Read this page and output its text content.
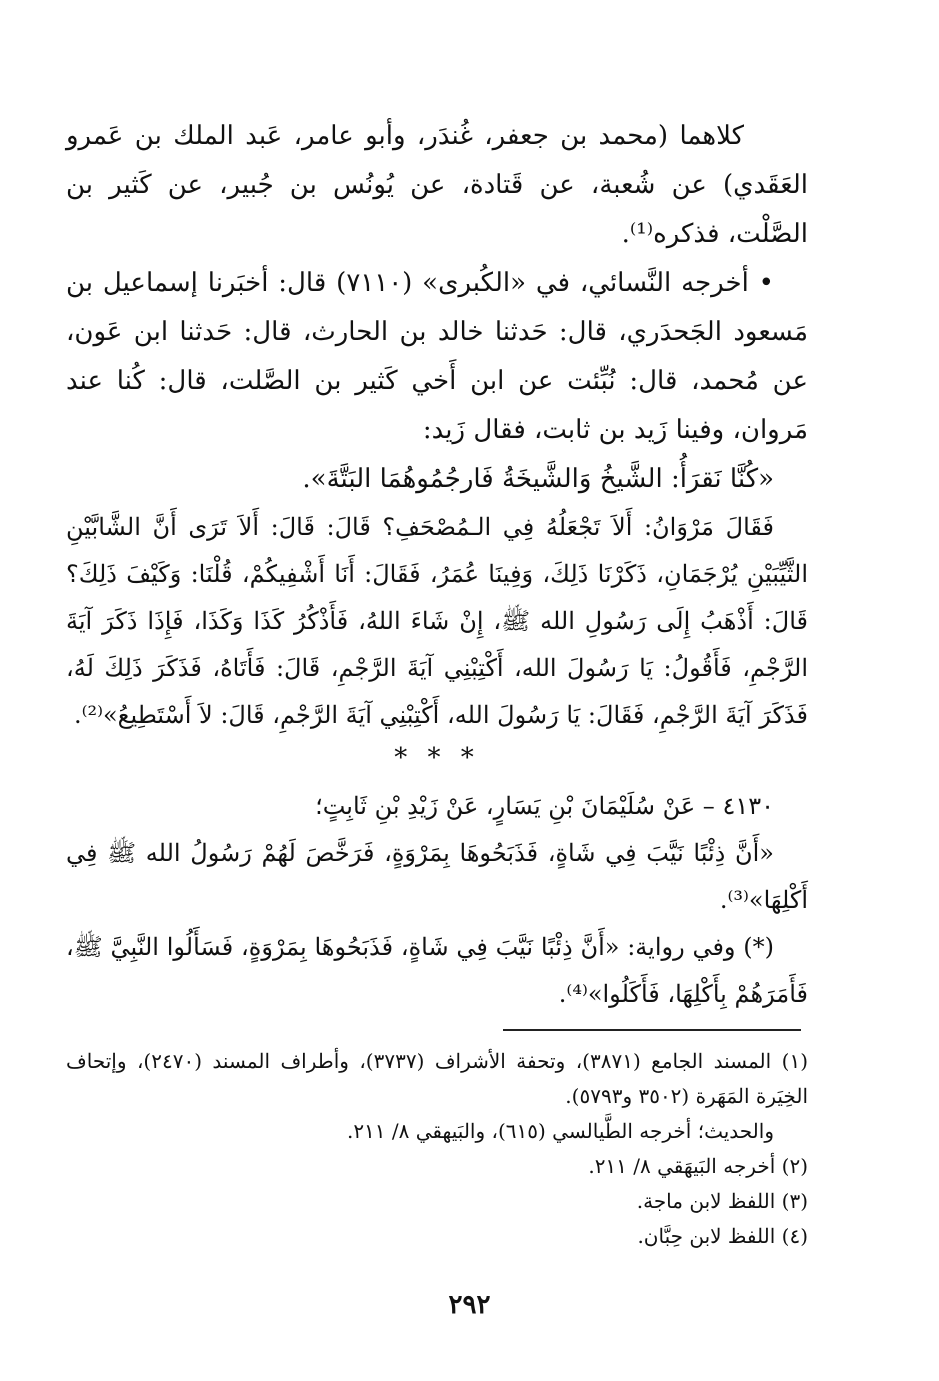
كلاهما (محمد بن جعفر، غُندَر، وأبو عامر، عَبد الملك بن عَمرو العَقَدي) عن شُعبة، عن قَتادة، عن يُونُس بن جُبير، عن كَثير بن الصَّلْت، فذكره⁽¹⁾.

• أخرجه النَّسائي، في «الكُبرى» (٧١١٠) قال: أخبَرنا إسماعيل بن مَسعود الجَحدَري، قال: حَدثنا خالد بن الحارث، قال: حَدثنا ابن عَون، عن مُحمد، قال: نُبِّئت عن ابن أَخي كَثير بن الصَّلت، قال: كُنا عند مَروان، وفينا زَيد بن ثابت، فقال زَيد:

«كُنَّا نَقرَأُ: الشَّيخُ وَالشَّيخَةُ فَارجُمُوهُمَا البَتَّةَ».

فَقَالَ مَرْوَانُ: أَلاَ تَجْعَلُهُ فِي الـمُصْحَفِ؟ قَالَ: قَالَ: أَلاَ تَرَى أَنَّ الشَّابَّيْنِ الثَّيِّبَيْنِ يُرْجَمَانِ، ذَكَرْنَا ذَلِكَ، وَفِينَا عُمَرُ، فَقَالَ: أَنَا أَشْفِيكُمْ، قُلْنَا: وَكَيْفَ ذَلِكَ؟ قَالَ: أَذْهَبُ إِلَى رَسُولِ الله ﷺ، إِنْ شَاءَ اللهُ، فَأَذْكُرُ كَذَا وَكَذَا، فَإِذَا ذَكَرَ آيَةَ الرَّجْمِ، فَأَقُولُ: يَا رَسُولَ الله، أَكْتِبْنِي آيَةَ الرَّجْمِ، قَالَ: فَأَتَاهُ، فَذَكَرَ ذَلِكَ لَهُ، فَذَكَرَ آيَةَ الرَّجْمِ، فَقَالَ: يَا رَسُولَ الله، أَكْتِبْنِي آيَةَ الرَّجْمِ، قَالَ: لاَ أَسْتَطِيعُ»⁽²⁾.

* * *

٤١٣٠ – عَنْ سُلَيْمَانَ بْنِ يَسَارٍ، عَنْ زَيْدِ بْنِ ثَابِتٍ؛

«أَنَّ ذِئْبًا نَيَّبَ فِي شَاةٍ، فَذَبَحُوهَا بِمَرْوَةٍ، فَرَخَّصَ لَهُمْ رَسُولُ الله ﷺ فِي أَكْلِهَا»⁽³⁾.

(*) وفي رواية: «أَنَّ ذِئْبًا نَيَّبَ فِي شَاةٍ، فَذَبَحُوهَا بِمَرْوَةٍ، فَسَأَلُوا النَّبِيَّ ﷺ، فَأَمَرَهُمْ بِأَكْلِهَا، فَأَكَلُوا»⁽⁴⁾.

(١) المسند الجامع (٣٨٧١)، وتحفة الأشراف (٣٧٣٧)، وأطراف المسند (٢٤٧٠)، وإتحاف الخِيَرة المَهَرة (٣٥٠٢ و٥٧٩٣).

والحديث؛ أخرجه الطَّيالسي (٦١٥)، والبَيهقي ٨/ ٢١١.

(٢) أخرجه البَيهَقي ٨/ ٢١١.

(٣) اللفظ لابن ماجة.

(٤) اللفظ لابن حِبَّان.

٢٩٢
